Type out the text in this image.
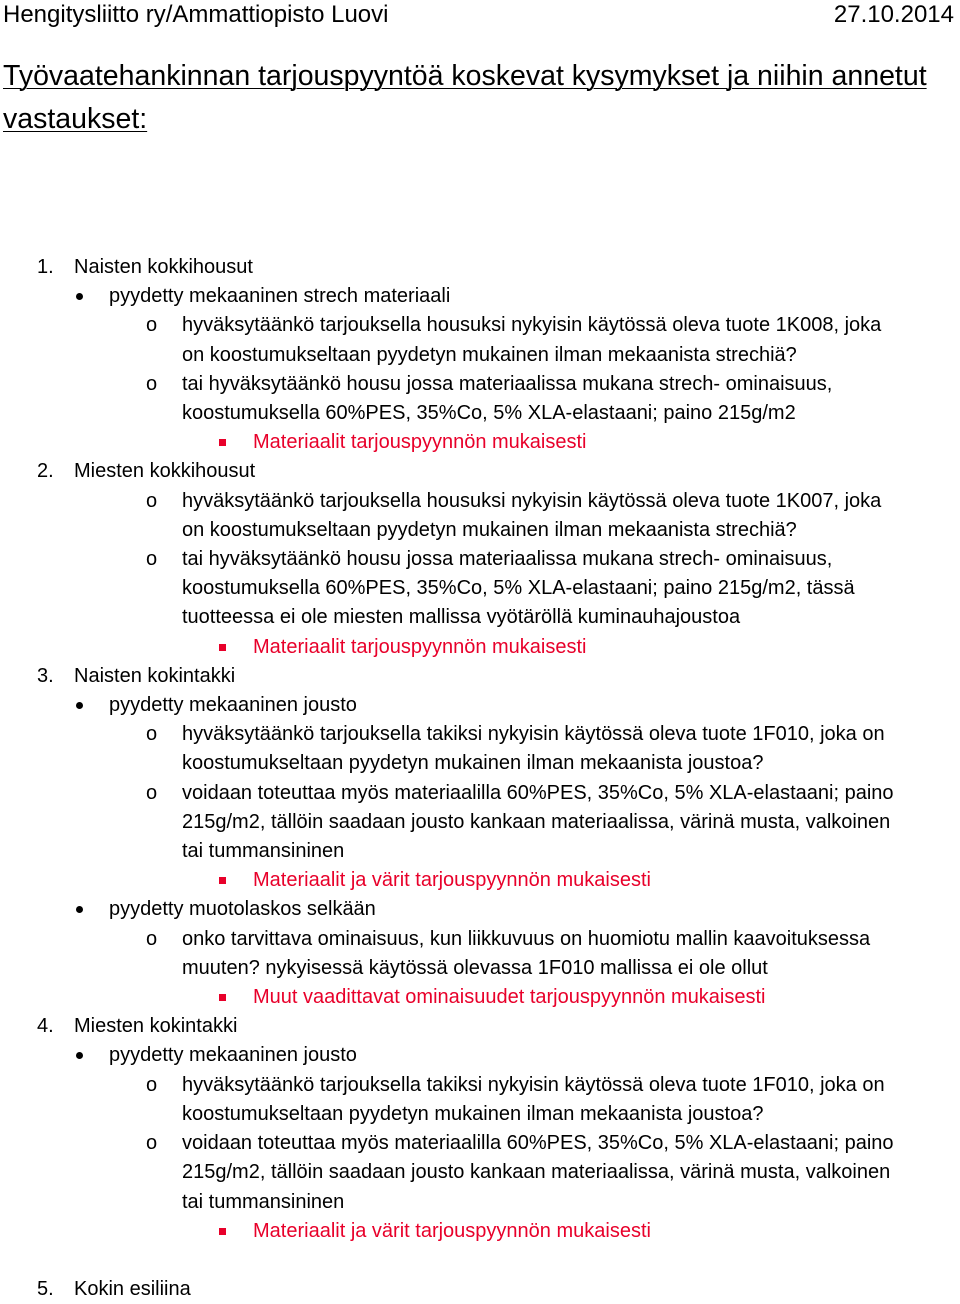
Hengitysliitto ry/Ammattiopisto Luovi	27.10.2014
Työvaatehankinnan tarjouspyyntöä koskevat kysymykset ja niihin annetut vastaukset:
1. Naisten kokkihousut
pyydetty mekaaninen strech materiaali
o hyväksytäänkö tarjouksella housuksi nykyisin käytössä oleva tuote 1K008, joka
on koostumukseltaan pyydetyn mukainen ilman mekaanista strechiä?
o tai hyväksytäänkö housu jossa materiaalissa mukana strech- ominaisuus,
koostumuksella 60%PES, 35%Co, 5% XLA-elastaani; paino 215g/m2
Materiaalit tarjouspyynnön mukaisesti
2. Miesten kokkihousut
o hyväksytäänkö tarjouksella housuksi nykyisin käytössä oleva tuote 1K007, joka
on koostumukseltaan pyydetyn mukainen ilman mekaanista strechiä?
o tai hyväksytäänkö housu jossa materiaalissa mukana strech- ominaisuus,
koostumuksella 60%PES, 35%Co, 5% XLA-elastaani; paino 215g/m2, tässä
tuotteessa ei ole miesten mallissa vyötäröllä kuminauhajoustoa
Materiaalit tarjouspyynnön mukaisesti
3. Naisten kokintakki
pyydetty mekaaninen jousto
o hyväksytäänkö tarjouksella takiksi nykyisin käytössä oleva tuote 1F010, joka on
koostumukseltaan pyydetyn mukainen ilman mekaanista joustoa?
o voidaan toteuttaa myös materiaalilla 60%PES, 35%Co, 5% XLA-elastaani; paino
215g/m2, tällöin saadaan jousto kankaan materiaalissa, värinä musta, valkoinen
tai tummansininen
Materiaalit ja värit tarjouspyynnön mukaisesti
pyydetty muotolaskos selkään
o onko tarvittava ominaisuus, kun liikkuvuus on huomiotu mallin kaavoituksessa
muuten? nykyisessä käytössä olevassa 1F010 mallissa ei ole ollut
Muut vaadittavat ominaisuudet tarjouspyynnön mukaisesti
4. Miesten kokintakki
pyydetty mekaaninen jousto
o hyväksytäänkö tarjouksella takiksi nykyisin käytössä oleva tuote 1F010, joka on
koostumukseltaan pyydetyn mukainen ilman mekaanista joustoa?
o voidaan toteuttaa myös materiaalilla 60%PES, 35%Co, 5% XLA-elastaani; paino
215g/m2, tällöin saadaan jousto kankaan materiaalissa, värinä musta, valkoinen
tai tummansininen
Materiaalit ja värit tarjouspyynnön mukaisesti
5. Kokin esiliina
